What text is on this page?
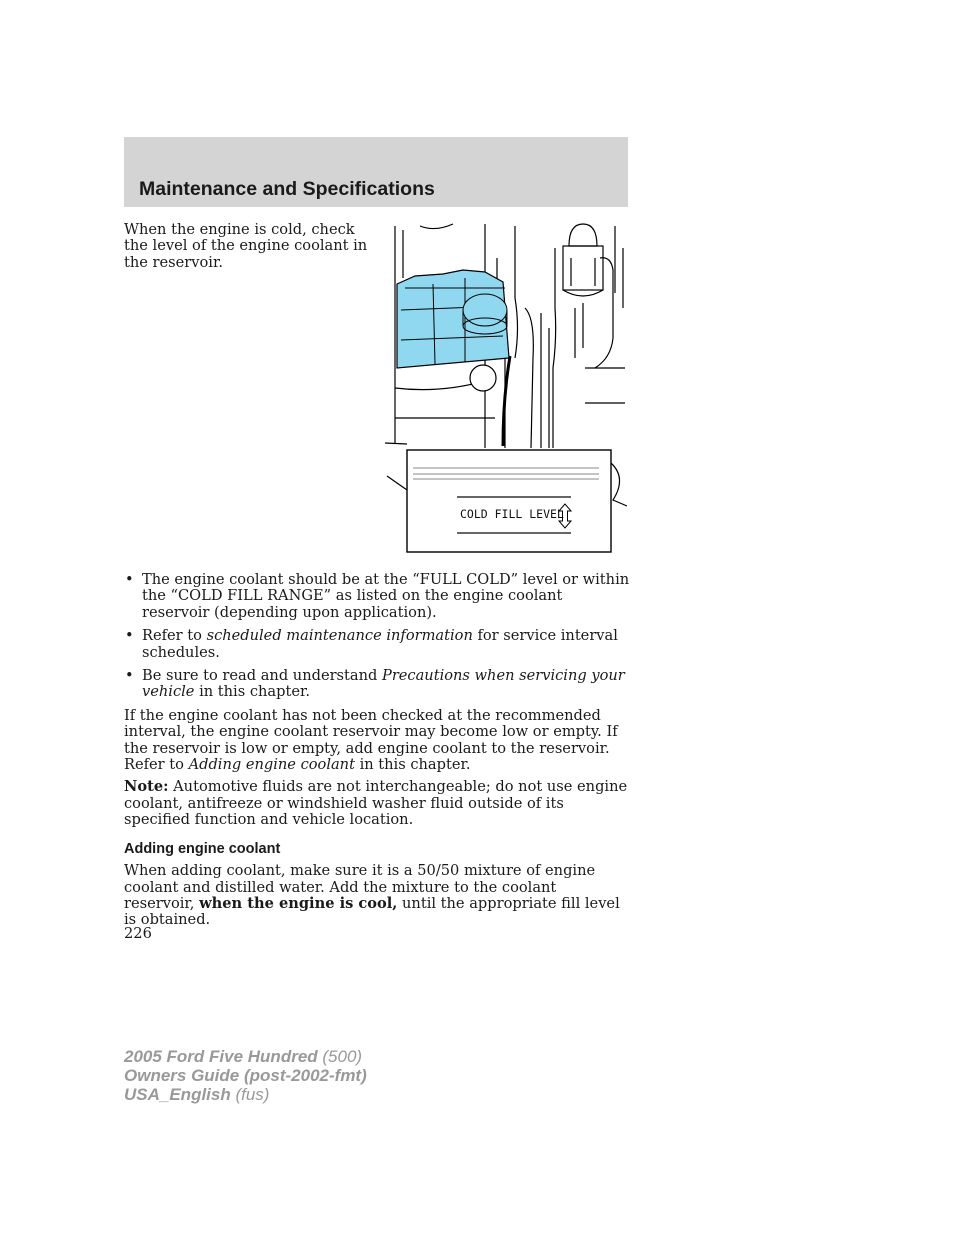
Maintenance and Specifications

When the engine is cold, check the level of the engine coolant in the reservoir.

COLD FILL LEVEL
• The engine coolant should be at the “FULL COLD” level or within the “COLD FILL RANGE” as listed on the engine coolant reservoir (depending upon application).
• Refer to scheduled maintenance information for service interval schedules.
• Be sure to read and understand Precautions when servicing your vehicle in this chapter.

If the engine coolant has not been checked at the recommended interval, the engine coolant reservoir may become low or empty. If the reservoir is low or empty, add engine coolant to the reservoir. Refer to Adding engine coolant in this chapter.

Note: Automotive fluids are not interchangeable; do not use engine coolant, antifreeze or windshield washer fluid outside of its specified function and vehicle location.

Adding engine coolant

When adding coolant, make sure it is a 50/50 mixture of engine coolant and distilled water. Add the mixture to the coolant reservoir, when the engine is cool, until the appropriate fill level is obtained.

226

2005 Ford Five Hundred (500)
Owners Guide (post-2002-fmt)
USA_English (fus)
